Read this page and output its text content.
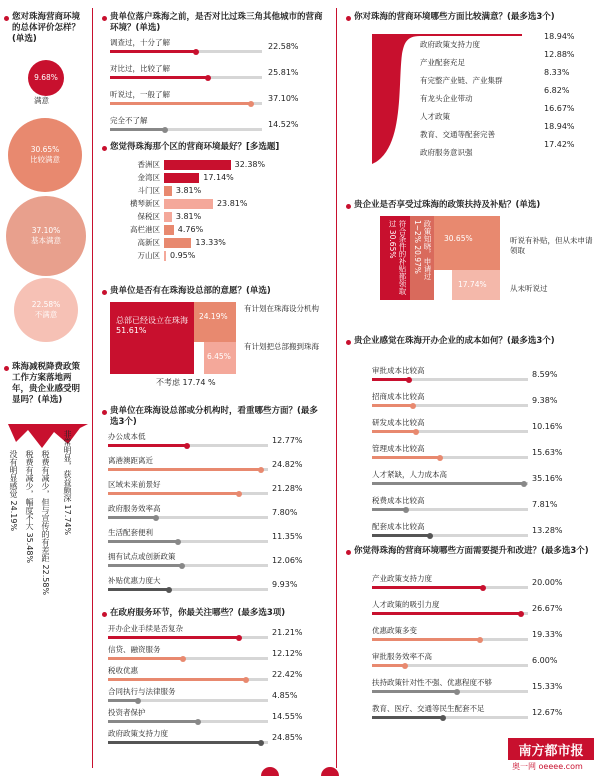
您对珠海营商环境的总体评价怎样？(单选)
9.68%
满意
30.65%
比较满意
37.10%
基本满意
22.58%
不满意
珠海减税降费政策工作方案落地两年，贵企业感受明显吗？(单选)
没有明显感觉 24.19% 税费有减少，幅度不大 35.48% 税费有减少，但与宣传的有差距 22.58% 非常明显，获益颇深 17.74%
贵单位落户珠海之前，是否对比过珠三角其他城市的营商环境？(单选)
您觉得珠海那个区的营商环境最好？[多选题]
贵单位是否有在珠海设总部的意愿？(单选)
总部已经设立在珠海 51.61%
24.19%
6.45%
有计划在珠海设分机构
有计划把总部搬到珠海
不考虑 17.74 %
贵单位在珠海设总部或分机构时，看重哪些方面？(最多选3个)
在政府服务环节，你最关注哪些？(最多选3项)
你对珠海的营商环境哪些方面比较满意？(最多选3个)
贵企业是否享受过珠海的政策扶持及补贴？(单选)
符合条件的补贴都领取过 30.65%	政策知晓，申请过1~2% 20.97%	30.65%
17.74%
听说有补贴，但从未申请领取
从未听说过
贵企业感觉在珠海开办企业的成本如何？(最多选3个)
你觉得珠海的营商环境哪些方面需要提升和改进？(最多选3个)
南方都市报
奥一网 oeeee.com
调查过，十分了解	22.58%
对比过，比较了解	25.81%
听说过，一般了解	37.10%
完全不了解	14.52%
办公成本低	12.77%
离港澳距离近	24.82%
区域未来前景好	21.28%
政府服务效率高	7.80%
生活配套便利	11.35%
拥有试点或创新政策	12.06%
补贴优惠力度大	9.93%
开办企业手续是否复杂	21.21%
信贷、融资服务	12.12%
税收优惠	22.42%
合同执行与法律服务	4.85%
投资者保护	14.55%
政府政策支持力度	24.85%
审批成本比较高	8.59%
招商成本比较高	9.38%
研发成本比较高	10.16%
管理成本比较高	15.63%
人才紧缺，人力成本高	35.16%
税费成本比较高	7.81%
配套成本比较高	13.28%
产业政策支持力度	20.00%
人才政策的吸引力度	26.67%
优惠政策多变	19.33%
审批服务效率不高	6.00%
扶持政策针对性不强、优惠程度不够	15.33%
教育、医疗、交通等民生配套不足	12.67%
香洲区	32.38%
金湾区	17.14%
斗门区 3.81%
横琴新区	23.81%
保税区 3.81%
高栏港区 4.76%
高新区	13.33%
万山区 0.95%
政府政策支持力度
18.94%
产业配套充足
12.88%
有完整产业链、产业集群
8.33%
有龙头企业带动
6.82%
人才政策
16.67%
教育、交通等配套完善
18.94%
政府服务意识强
17.42%
